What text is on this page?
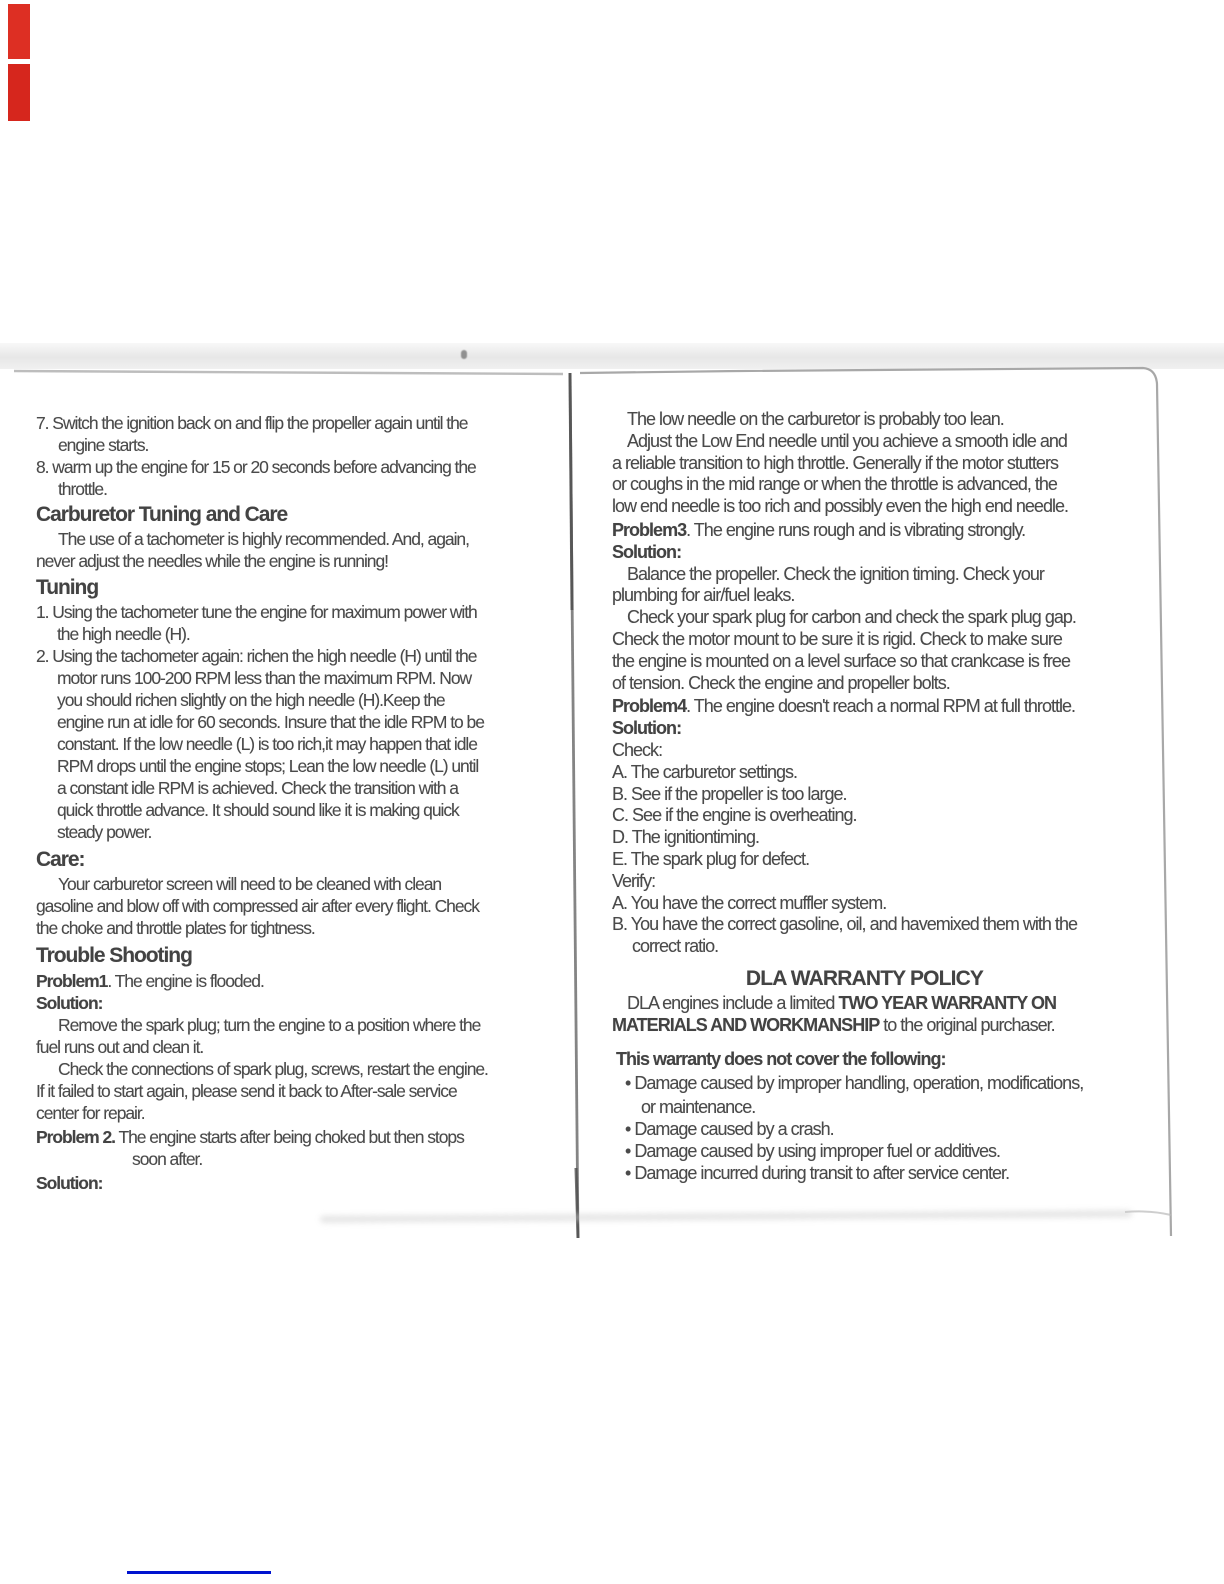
7. Switch the ignition back on and flip the propeller again until the
engine starts.
8. warm up the engine for 15 or 20 seconds before advancing the
throttle.
Carburetor Tuning and Care
The use of a tachometer is highly recommended. And, again,
never adjust the needles while the engine is running!
Tuning
1. Using the tachometer tune the engine for maximum power with
the high needle (H).
2. Using the tachometer again: richen the high needle (H) until the
motor runs 100-200 RPM less than the maximum RPM. Now
you should richen slightly on the high needle (H).Keep the
engine run at idle for 60 seconds. Insure that the idle RPM to be
constant. If the low needle (L) is too rich,it may happen that idle
RPM drops until the engine stops; Lean the low needle (L) until
a constant idle RPM is achieved. Check the transition with a
quick throttle advance. It should sound like it is making quick
steady power.
Care:
Your carburetor screen will need to be cleaned with clean
gasoline and blow off with compressed air after every flight. Check
the choke and throttle plates for tightness.
Trouble Shooting
Problem1. The engine is flooded.
Solution:
Remove the spark plug; turn the engine to a position where the
fuel runs out and clean it.
Check the connections of spark plug, screws, restart the engine.
If it failed to start again, please send it back to After-sale service
center for repair.
Problem 2. The engine starts after being choked but then stops
soon after.
Solution:
The low needle on the carburetor is probably too lean.
Adjust the Low End needle until you achieve a smooth idle and
a reliable transition to high throttle. Generally if the motor stutters
or coughs in the mid range or when the throttle is advanced, the
low end needle is too rich and possibly even the high end needle.
Problem3. The engine runs rough and is vibrating strongly.
Solution:
Balance the propeller. Check the ignition timing. Check your
plumbing for air/fuel leaks.
Check your spark plug for carbon and check the spark plug gap.
Check the motor mount to be sure it is rigid. Check to make sure
the engine is mounted on a level surface so that crankcase is free
of tension. Check the engine and propeller bolts.
Problem4. The engine doesn't reach a normal RPM at full throttle.
Solution:
Check:
A. The carburetor settings.
B. See if the propeller is too large.
C. See if the engine is overheating.
D. The ignitiontiming.
E. The spark plug for defect.
Verify:
A. You have the correct muffler system.
B. You have the correct gasoline, oil, and havemixed them with the
correct ratio.
DLA WARRANTY POLICY
DLA engines include a limited TWO YEAR WARRANTY ON
MATERIALS AND WORKMANSHIP to the original purchaser.
This warranty does not cover the following:
• Damage caused by improper handling, operation, modifications,
or maintenance.
• Damage caused by a crash.
• Damage caused by using improper fuel or additives.
• Damage incurred during transit to after service center.
